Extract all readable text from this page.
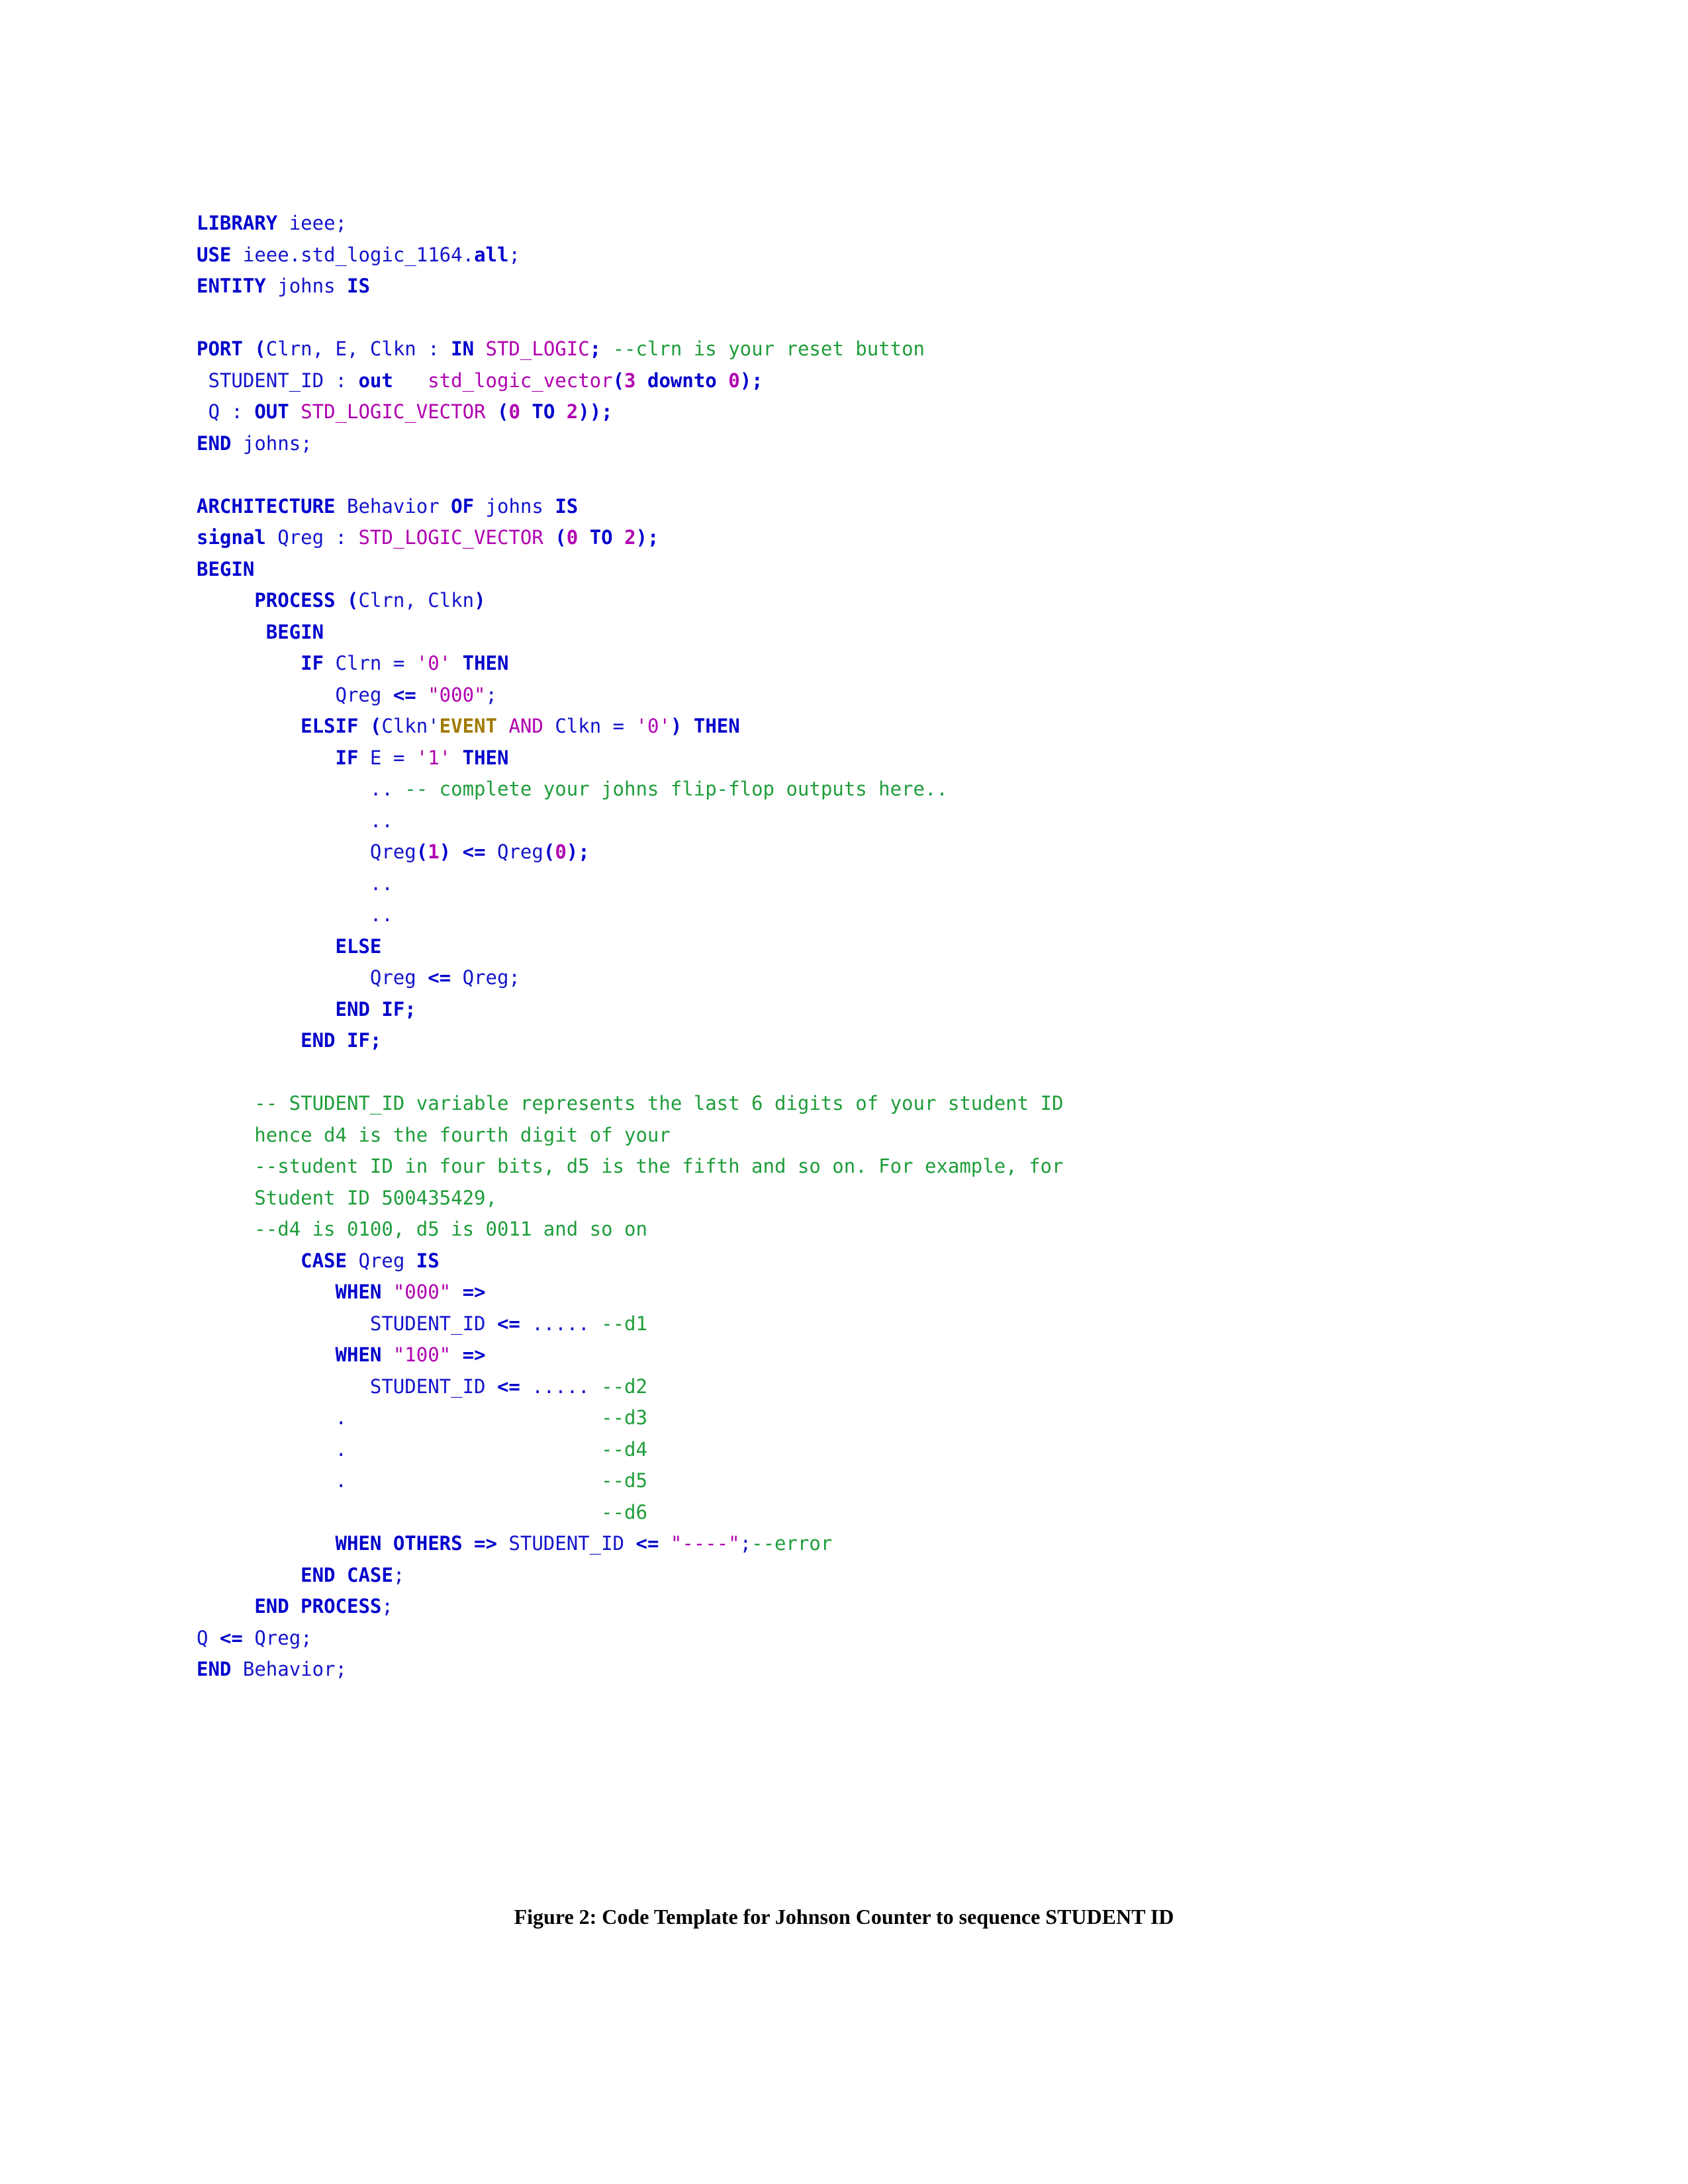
LIBRARY ieee;
USE ieee.std_logic_1164.all;
ENTITY johns IS

PORT (Clrn, E, Clkn : IN STD_LOGIC; --clrn is your reset button
STUDENT_ID : out std_logic_vector(3 downto 0);
Q : OUT STD_LOGIC_VECTOR (0 TO 2));
END johns;

ARCHITECTURE Behavior OF johns IS
signal Qreg : STD_LOGIC_VECTOR (0 TO 2);
BEGIN
PROCESS (Clrn, Clkn)
BEGIN
IF Clrn = '0' THEN
Qreg <= "000";
ELSIF (Clkn'EVENT AND Clkn = '0') THEN
IF E = '1' THEN
.. -- complete your johns flip-flop outputs here..
..
Qreg(1) <= Qreg(0);
..
..
ELSE
Qreg <= Qreg;
END IF;
END IF;

-- STUDENT_ID variable represents the last 6 digits of your student ID
hence d4 is the fourth digit of your
--student ID in four bits, d5 is the fifth and so on. For example, for
Student ID 500435429,
--d4 is 0100, d5 is 0011 and so on
CASE Qreg IS
WHEN "000" =>
STUDENT_ID <= ..... --d1
WHEN "100" =>
STUDENT_ID <= ..... --d2
.                      --d3
.                      --d4
.                      --d5
--d6
WHEN OTHERS => STUDENT_ID <= "----";--error
END CASE;
END PROCESS;
Q <= Qreg;
END Behavior;
Figure 2: Code Template for Johnson Counter to sequence STUDENT ID
